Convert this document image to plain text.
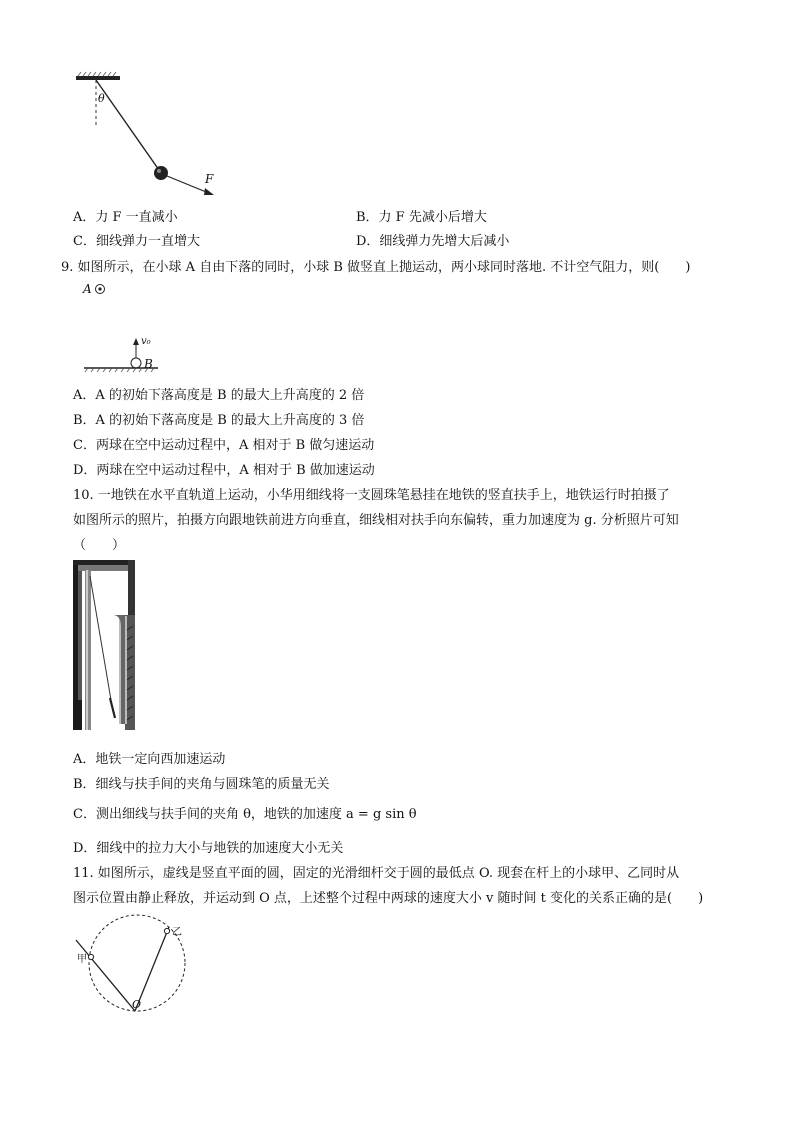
θ
F
A．力 F 一直减小	B．力 F 先减小后增大
C．细线弹力一直增大	D．细线弹力先增大后减小
9. 如图所示，在小球 A 自由下落的同时，小球 B 做竖直上抛运动，两小球同时落地. 不计空气阻力，则(　　)
A
v₀
B
A．A 的初始下落高度是 B 的最大上升高度的 2 倍
B．A 的初始下落高度是 B 的最大上升高度的 3 倍
C．两球在空中运动过程中，A 相对于 B 做匀速运动
D．两球在空中运动过程中，A 相对于 B 做加速运动
10. 一地铁在水平直轨道上运动，小华用细线将一支圆珠笔悬挂在地铁的竖直扶手上，地铁运行时拍摄了
如图所示的照片，拍摄方向跟地铁前进方向垂直，细线相对扶手向东偏转，重力加速度为 g. 分析照片可知
（　　）
A．地铁一定向西加速运动
B．细线与扶手间的夹角与圆珠笔的质量无关
C．测出细线与扶手间的夹角 θ，地铁的加速度 a = g sin θ
D．细线中的拉力大小与地铁的加速度大小无关
11. 如图所示，虚线是竖直平面的圆，固定的光滑细杆交于圆的最低点 O. 现套在杆上的小球甲、乙同时从
图示位置由静止释放，并运动到 O 点，上述整个过程中两球的速度大小 v 随时间 t 变化的关系正确的是(　　)
甲
乙
O
